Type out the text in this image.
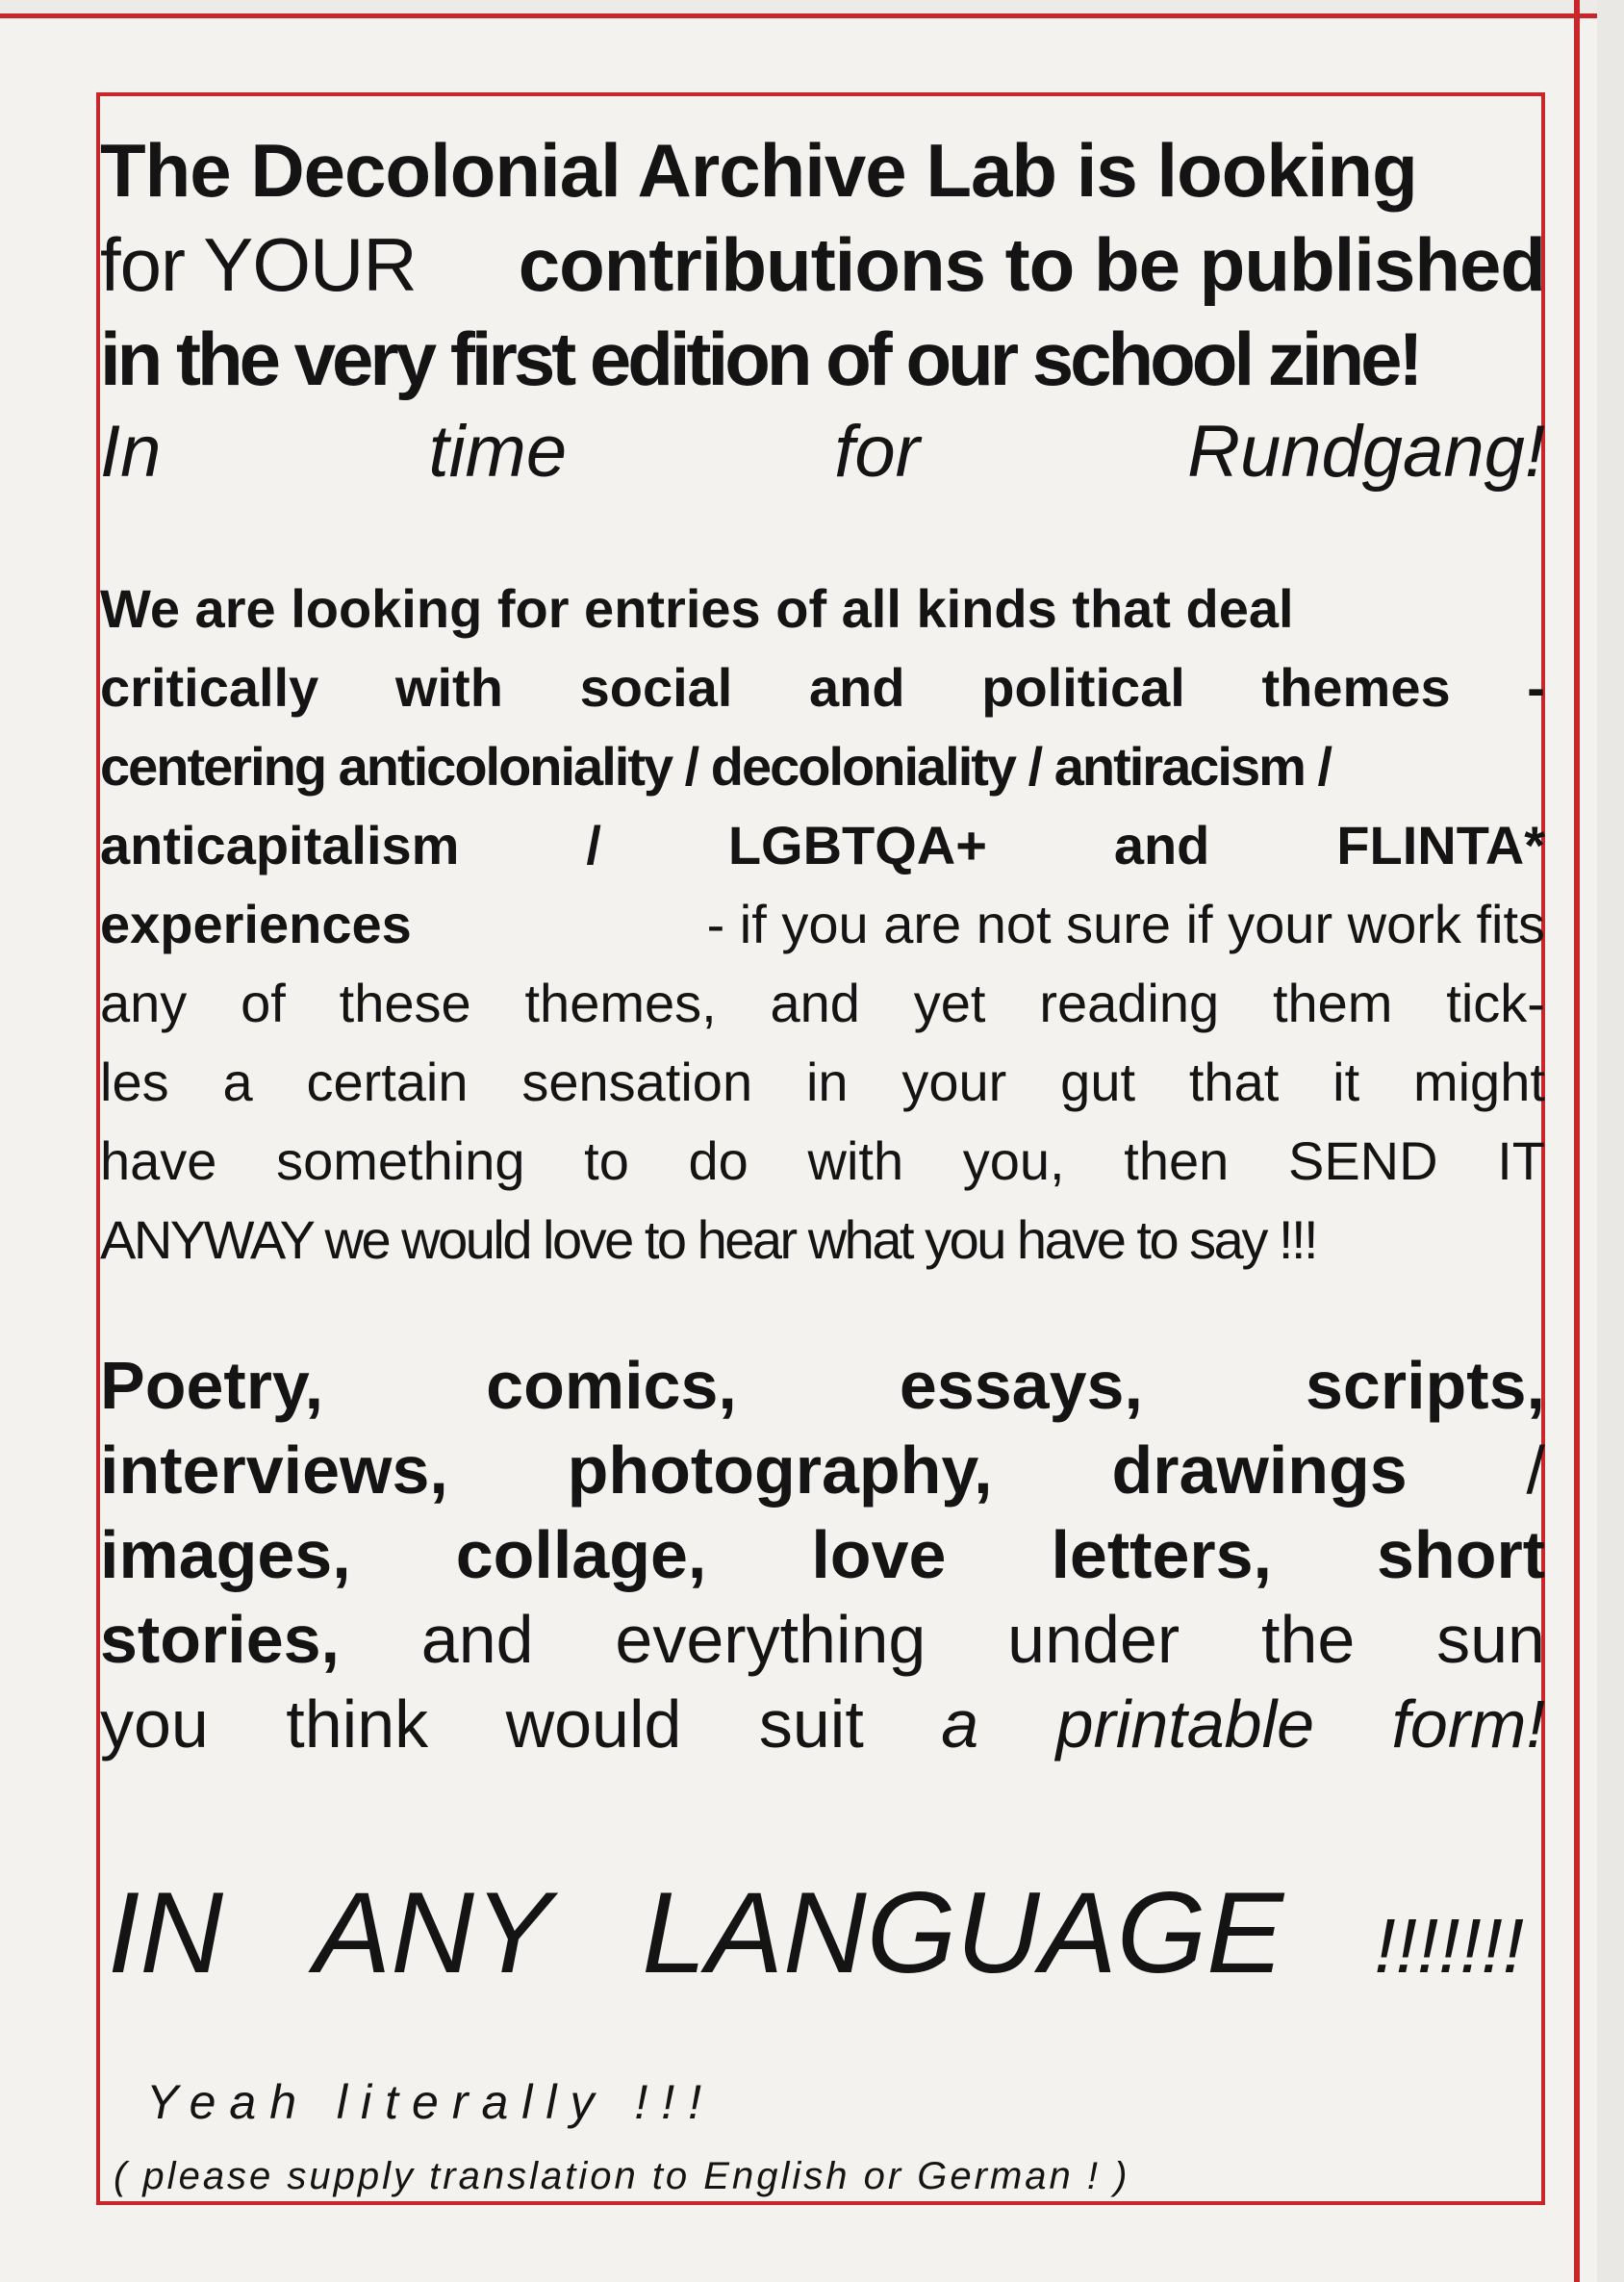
The Decolonial Archive Lab is looking
for YOUR contributions to be published
in the very first edition of our school zine!
In	time	for	Rundgang!
We are looking for entries of all kinds that deal
critically with social and political themes -
centering anticoloniality / decoloniality / antiracism /
anticapitalism / LGBTQA+ and FLINTA*
experiences	- if you are not sure if your work fits
any of these themes, and yet reading them tick-
les a certain sensation in your gut that it might
have something to do with you, then SEND IT
ANYWAY we would love to hear what you have to say !!!
Poetry, comics, essays, scripts,
interviews, photography, drawings /
images, collage, love letters, short
stories, and everything under the sun
you think would suit a printable form!
IN ANY LANGUAGE !!!!!!!
Yeah literally !!!
( please supply translation to English or German ! )
